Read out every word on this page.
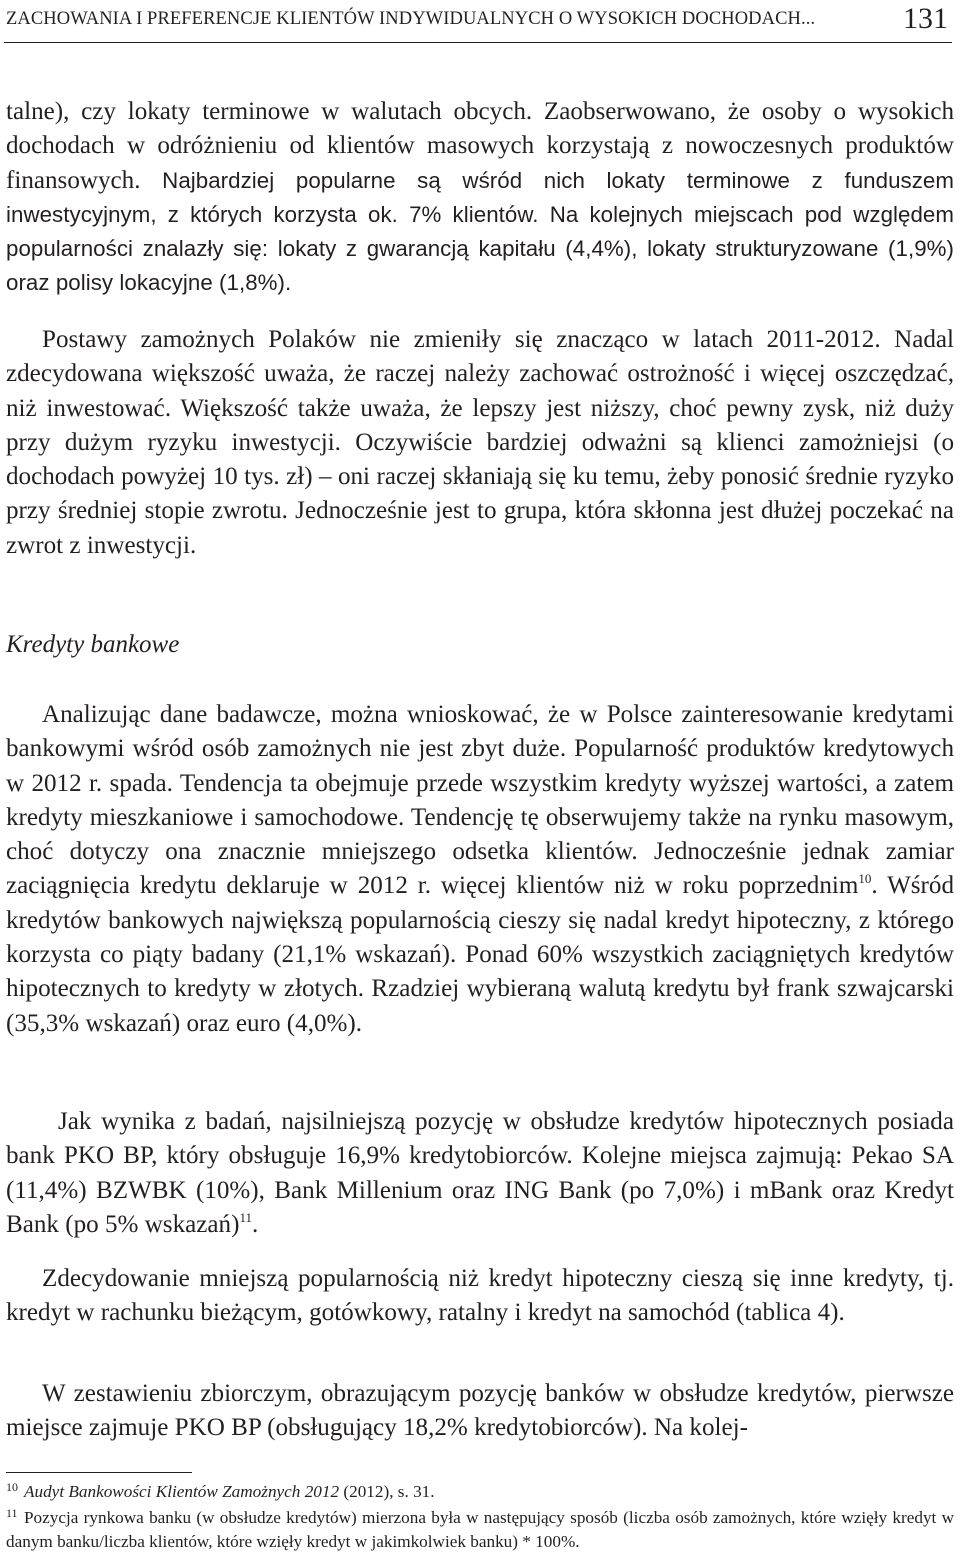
ZACHOWANIA I PREFERENCJE KLIENTÓW INDYWIDUALNYCH O WYSOKICH DOCHODACH...	131

talne), czy lokaty terminowe w walutach obcych. Zaobserwowano, że osoby o wysokich dochodach w odróżnieniu od klientów masowych korzystają z nowoczesnych produktów finansowych. Najbardziej popularne są wśród nich lokaty terminowe z funduszem inwestycyjnym, z których korzysta ok. 7% klientów. Na kolejnych miejscach pod względem popularności znalazły się: lokaty z gwarancją kapitału (4,4%), lokaty strukturyzowane (1,9%) oraz polisy lokacyjne (1,8%).

Postawy zamożnych Polaków nie zmieniły się znacząco w latach 2011-2012. Nadal zdecydowana większość uważa, że raczej należy zachować ostrożność i więcej oszczędzać, niż inwestować. Większość także uważa, że lepszy jest niższy, choć pewny zysk, niż duży przy dużym ryzyku inwestycji. Oczywiście bardziej odważni są klienci zamożniejsi (o dochodach powyżej 10 tys. zł) – oni raczej skłaniają się ku temu, żeby ponosić średnie ryzyko przy średniej stopie zwrotu. Jednocześnie jest to grupa, która skłonna jest dłużej poczekać na zwrot z inwestycji.

Kredyty bankowe

Analizując dane badawcze, można wnioskować, że w Polsce zainteresowanie kredytami bankowymi wśród osób zamożnych nie jest zbyt duże. Popularność produktów kredytowych w 2012 r. spada. Tendencja ta obejmuje przede wszystkim kredyty wyższej wartości, a zatem kredyty mieszkaniowe i samochodowe. Tendencję tę obserwujemy także na rynku masowym, choć dotyczy ona znacznie mniejszego odsetka klientów. Jednocześnie jednak zamiar zaciągnięcia kredytu deklaruje w 2012 r. więcej klientów niż w roku poprzednim$^{10}$. Wśród kredytów bankowych największą popularnością cieszy się nadal kredyt hipoteczny, z którego korzysta co piąty badany (21,1% wskazań). Ponad 60% wszystkich zaciągniętych kredytów hipotecznych to kredyty w złotych. Rzadziej wybieraną walutą kredytu był frank szwajcarski (35,3% wskazań) oraz euro (4,0%).

Jak wynika z badań, najsilniejszą pozycję w obsłudze kredytów hipotecznych posiada bank PKO BP, który obsługuje 16,9% kredytobiorców. Kolejne miejsca zajmują: Pekao SA (11,4%) BZWBK (10%), Bank Millenium oraz ING Bank (po 7,0%) i mBank oraz Kredyt Bank (po 5% wskazań)$^{11}$.

Zdecydowanie mniejszą popularnością niż kredyt hipoteczny cieszą się inne kredyty, tj. kredyt w rachunku bieżącym, gotówkowy, ratalny i kredyt na samochód (tablica 4).

W zestawieniu zbiorczym, obrazującym pozycję banków w obsłudze kredytów, pierwsze miejsce zajmuje PKO BP (obsługujący 18,2% kredytobiorców). Na kolej-

10 Audyt Bankowości Klientów Zamożnych 2012 (2012), s. 31.
11 Pozycja rynkowa banku (w obsłudze kredytów) mierzona była w następujący sposób (liczba osób zamożnych, które wzięły kredyt w danym banku/liczba klientów, które wzięły kredyt w jakimkolwiek banku) * 100%.
